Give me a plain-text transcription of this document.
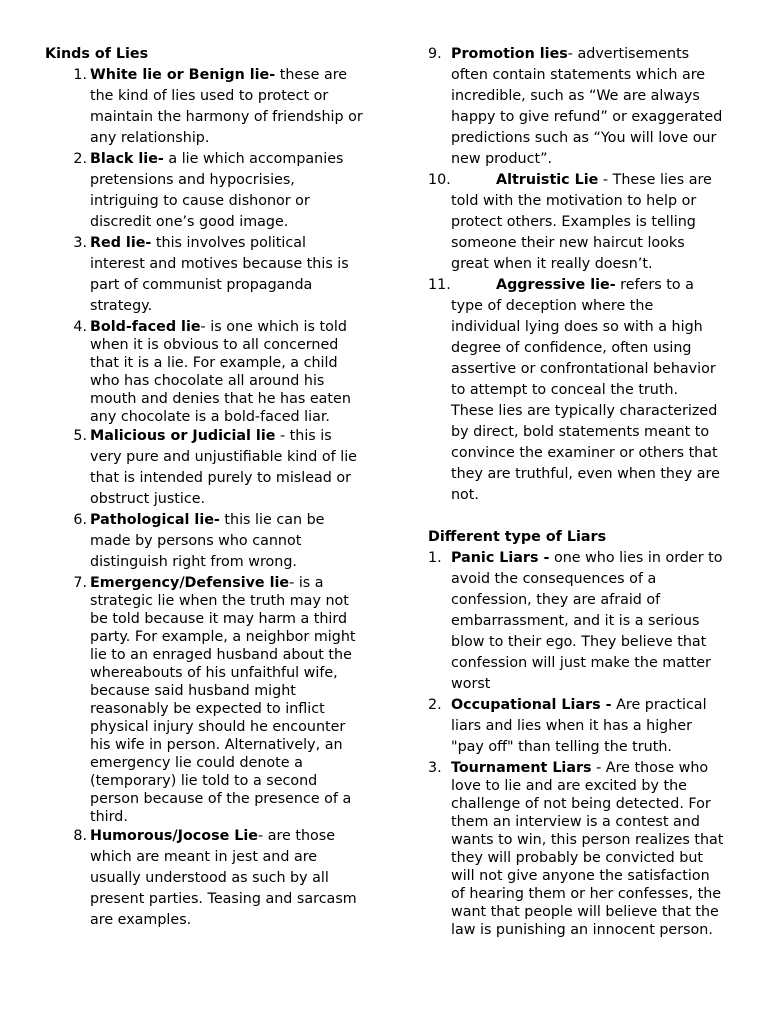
Kinds of Lies
1. White lie or Benign lie- these are the kind of lies used to protect or maintain the harmony of friendship or any relationship.
2. Black lie- a lie which accompanies pretensions and hypocrisies, intriguing to cause dishonor or discredit one’s good image.
3. Red lie- this involves political interest and motives because this is part of communist propaganda strategy.
4. Bold-faced lie- is one which is told when it is obvious to all concerned that it is a lie. For example, a child who has chocolate all around his mouth and denies that he has eaten any chocolate is a bold-faced liar.
5. Malicious or Judicial lie - this is very pure and unjustifiable kind of lie that is intended purely to mislead or obstruct justice.
6. Pathological lie- this lie can be made by persons who cannot distinguish right from wrong.
7. Emergency/Defensive lie- is a strategic lie when the truth may not be told because it may harm a third party. For example, a neighbor might lie to an enraged husband about the whereabouts of his unfaithful wife, because said husband might reasonably be expected to inflict physical injury should he encounter his wife in person. Alternatively, an emergency lie could denote a (temporary) lie told to a second person because of the presence of a third.
8. Humorous/Jocose Lie- are those which are meant in jest and are usually understood as such by all present parties. Teasing and sarcasm are examples.
9. Promotion lies- advertisements often contain statements which are incredible, such as “We are always happy to give refund” or exaggerated predictions such as “You will love our new product”.
10.	Altruistic Lie - These lies are told with the motivation to help or protect others. Examples is telling someone their new haircut looks great when it really doesn’t.
11.	Aggressive lie- refers to a type of deception where the individual lying does so with a high degree of confidence, often using assertive or confrontational behavior to attempt to conceal the truth. These lies are typically characterized by direct, bold statements meant to convince the examiner or others that they are truthful, even when they are not.
Different type of Liars
1. Panic Liars - one who lies in order to avoid the consequences of a confession, they are afraid of embarrassment, and it is a serious blow to their ego. They believe that confession will just make the matter worst
2. Occupational Liars - Are practical liars and lies when it has a higher "pay off" than telling the truth.
3. Tournament Liars - Are those who love to lie and are excited by the challenge of not being detected. For them an interview is a contest and wants to win, this person realizes that they will probably be convicted but will not give anyone the satisfaction of hearing them or her confesses, the want that people will believe that the law is punishing an innocent person.
